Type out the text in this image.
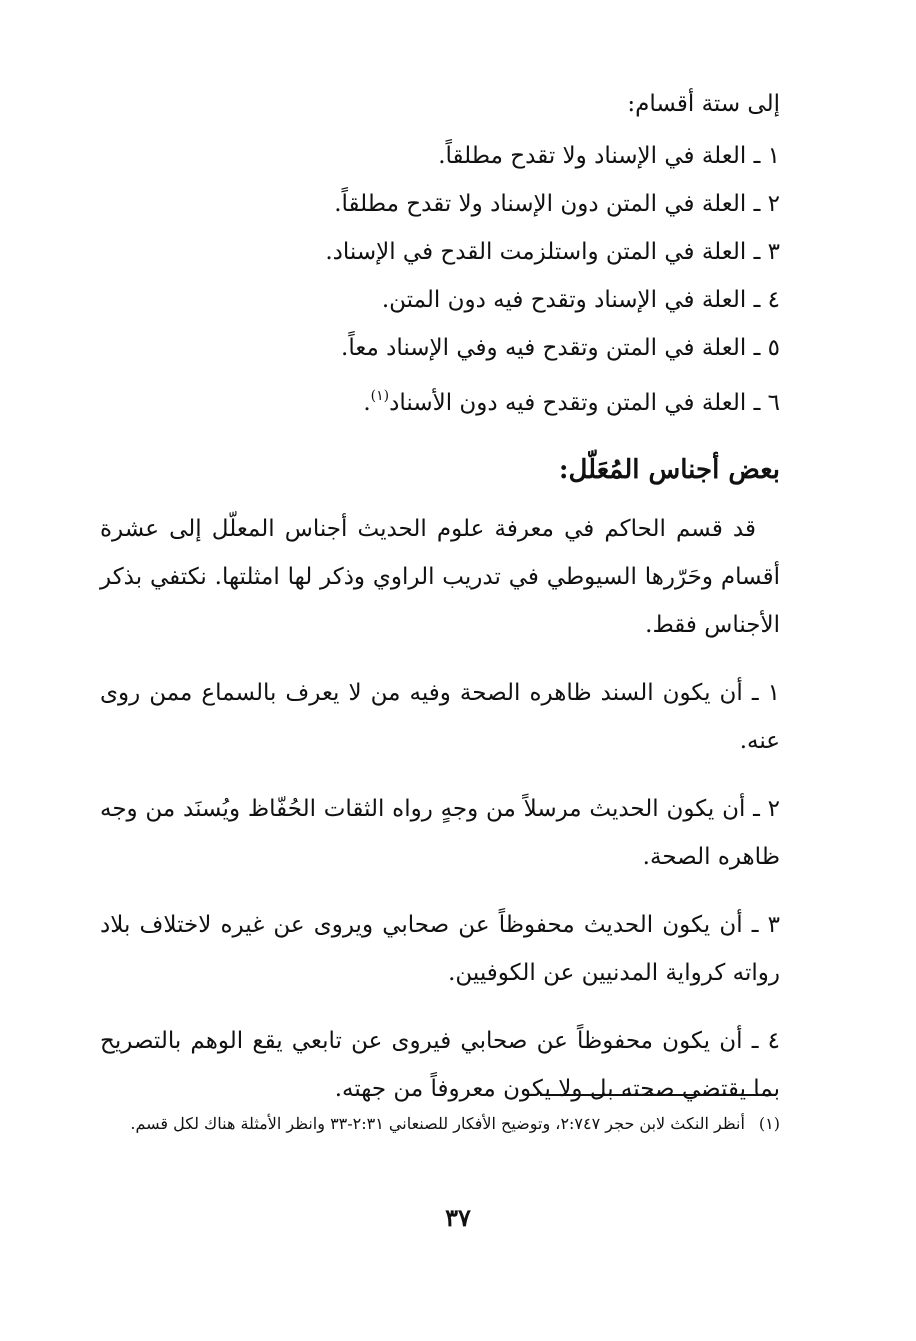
إلى ستة أقسام:
١ ـ العلة في الإسناد ولا تقدح مطلقاً.
٢ ـ العلة في المتن دون الإسناد ولا تقدح مطلقاً.
٣ ـ العلة في المتن واستلزمت القدح في الإسناد.
٤ ـ العلة في الإسناد وتقدح فيه دون المتن.
٥ ـ العلة في المتن وتقدح فيه وفي الإسناد معاً.
٦ ـ العلة في المتن وتقدح فيه دون الأسناد$^{(١)}$.
بعض أجناس المُعَلّل:
قد قسم الحاكم في معرفة علوم الحديث أجناس المعلّل إلى عشرة أقسام وحَرّرها السيوطي في تدريب الراوي وذكر لها امثلتها. نكتفي بذكر الأجناس فقط.
١ ـ أن يكون السند ظاهره الصحة وفيه من لا يعرف بالسماع ممن روى عنه.
٢ ـ أن يكون الحديث مرسلاً من وجهٍ رواه الثقات الحُفّاظ ويُسنَد من وجه ظاهره الصحة.
٣ ـ أن يكون الحديث محفوظاً عن صحابي ويروى عن غيره لاختلاف بلاد رواته كرواية المدنيين عن الكوفيين.
٤ ـ أن يكون محفوظاً عن صحابي فيروى عن تابعي يقع الوهم بالتصريح بما يقتضي صحته بل ولا يكون معروفاً من جهته.
(١)أنظر النكث لابن حجر ٢:٧٤٧، وتوضيح الأفكار للصنعاني ٢:٣١-٣٣ وانظر الأمثلة هناك لكل قسم.
٣٧
